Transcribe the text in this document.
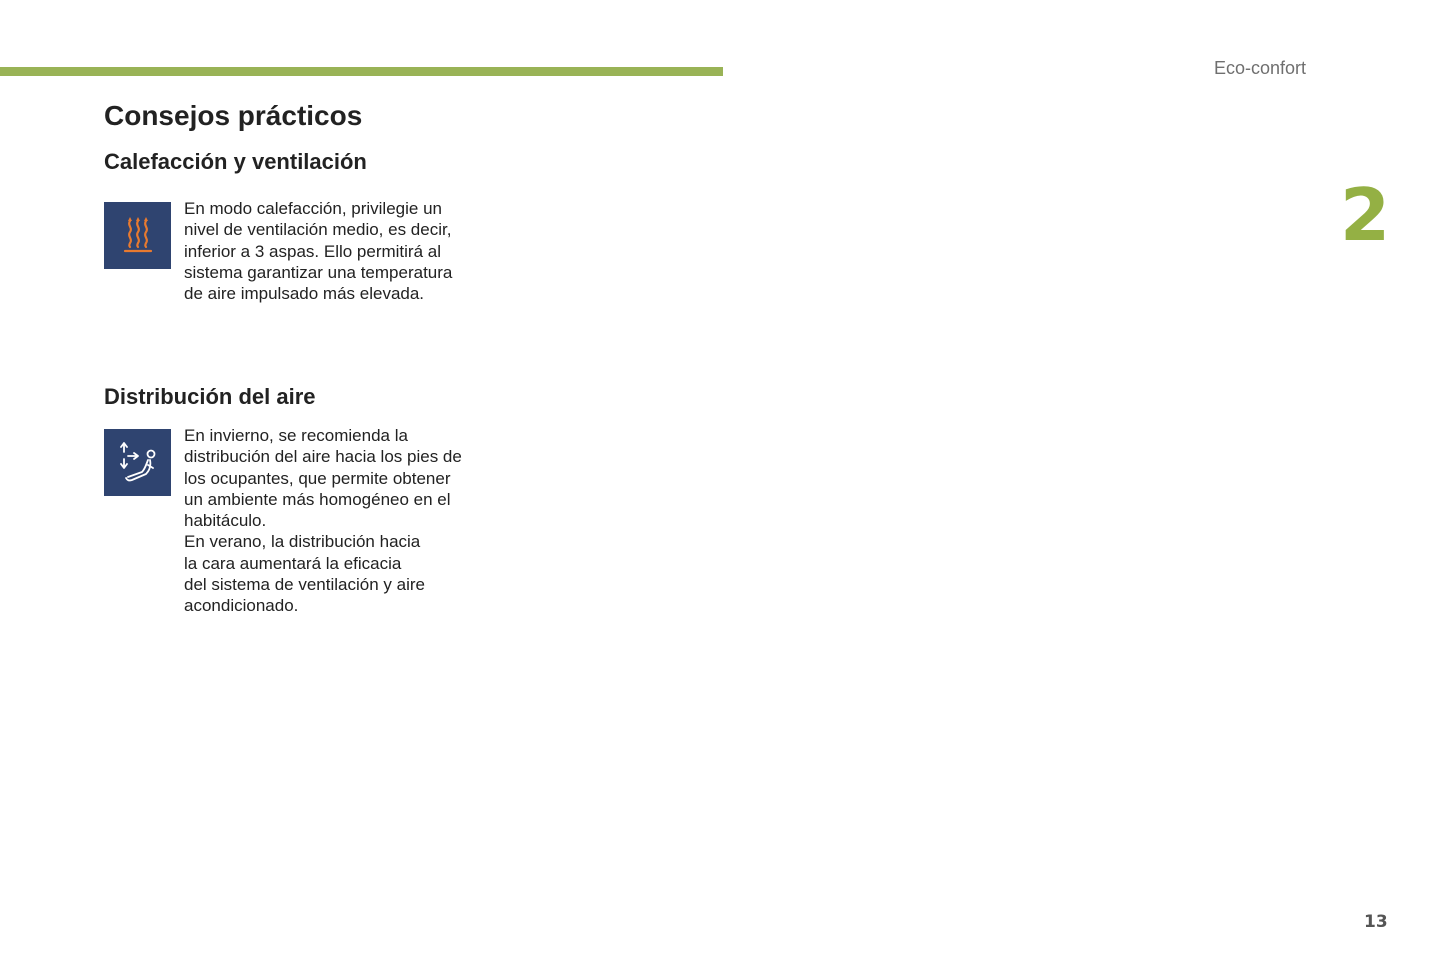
Eco-confort
2
Consejos prácticos
Calefacción y ventilación

En modo calefacción, privilegie un
nivel de ventilación medio, es decir,
inferior a 3 aspas. Ello permitirá al
sistema garantizar una temperatura
de aire impulsado más elevada.

Distribución del aire

En invierno, se recomienda la
distribución del aire hacia los pies de
los ocupantes, que permite obtener
un ambiente más homogéneo en el
habitáculo.
En verano, la distribución hacia
la cara aumentará la eficacia
del sistema de ventilación y aire
acondicionado.

13
